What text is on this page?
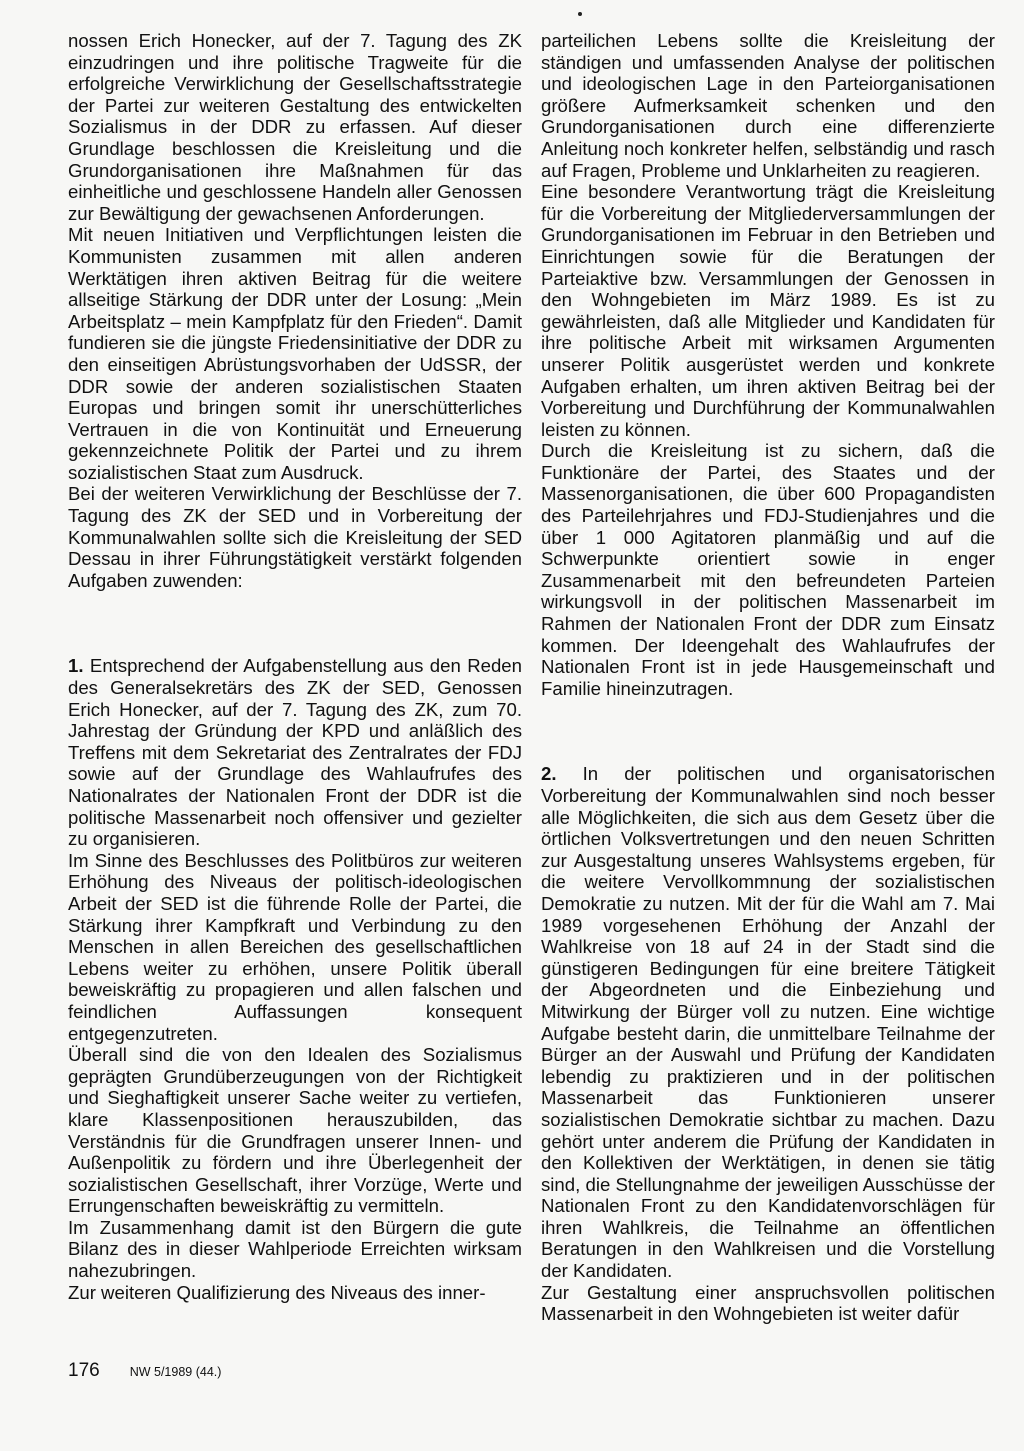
nossen Erich Honecker, auf der 7. Tagung des ZK einzudringen und ihre politische Tragweite für die erfolgreiche Verwirklichung der Gesellschaftsstrategie der Partei zur weiteren Gestaltung des entwickelten Sozialismus in der DDR zu erfassen. Auf dieser Grundlage beschlossen die Kreisleitung und die Grundorganisationen ihre Maßnahmen für das einheitliche und geschlossene Handeln aller Genossen zur Bewältigung der gewachsenen Anforderungen.

Mit neuen Initiativen und Verpflichtungen leisten die Kommunisten zusammen mit allen anderen Werktätigen ihren aktiven Beitrag für die weitere allseitige Stärkung der DDR unter der Losung: „Mein Arbeitsplatz – mein Kampfplatz für den Frieden“. Damit fundieren sie die jüngste Friedensinitiative der DDR zu den einseitigen Abrüstungsvorhaben der UdSSR, der DDR sowie der anderen sozialistischen Staaten Europas und bringen somit ihr unerschütterliches Vertrauen in die von Kontinuität und Erneuerung gekennzeichnete Politik der Partei und zu ihrem sozialistischen Staat zum Ausdruck.

Bei der weiteren Verwirklichung der Beschlüsse der 7. Tagung des ZK der SED und in Vorbereitung der Kommunalwahlen sollte sich die Kreisleitung der SED Dessau in ihrer Führungstätigkeit verstärkt folgenden Aufgaben zuwenden:

1. Entsprechend der Aufgabenstellung aus den Reden des Generalsekretärs des ZK der SED, Genossen Erich Honecker, auf der 7. Tagung des ZK, zum 70. Jahrestag der Gründung der KPD und anläßlich des Treffens mit dem Sekretariat des Zentralrates der FDJ sowie auf der Grundlage des Wahlaufrufes des Nationalrates der Nationalen Front der DDR ist die politische Massenarbeit noch offensiver und gezielter zu organisieren.

Im Sinne des Beschlusses des Politbüros zur weiteren Erhöhung des Niveaus der politisch-ideologischen Arbeit der SED ist die führende Rolle der Partei, die Stärkung ihrer Kampfkraft und Verbindung zu den Menschen in allen Bereichen des gesellschaftlichen Lebens weiter zu erhöhen, unsere Politik überall beweiskräftig zu propagieren und allen falschen und feindlichen Auffassungen konsequent entgegenzutreten.

Überall sind die von den Idealen des Sozialismus geprägten Grundüberzeugungen von der Richtigkeit und Sieghaftigkeit unserer Sache weiter zu vertiefen, klare Klassenpositionen herauszubilden, das Verständnis für die Grundfragen unserer Innen- und Außenpolitik zu fördern und ihre Überlegenheit der sozialistischen Gesellschaft, ihrer Vorzüge, Werte und Errungenschaften beweiskräftig zu vermitteln.

Im Zusammenhang damit ist den Bürgern die gute Bilanz des in dieser Wahlperiode Erreichten wirksam nahezubringen.

Zur weiteren Qualifizierung des Niveaus des inner-

parteilichen Lebens sollte die Kreisleitung der ständigen und umfassenden Analyse der politischen und ideologischen Lage in den Parteiorganisationen größere Aufmerksamkeit schenken und den Grundorganisationen durch eine differenzierte Anleitung noch konkreter helfen, selbständig und rasch auf Fragen, Probleme und Unklarheiten zu reagieren.

Eine besondere Verantwortung trägt die Kreisleitung für die Vorbereitung der Mitgliederversammlungen der Grundorganisationen im Februar in den Betrieben und Einrichtungen sowie für die Beratungen der Parteiaktive bzw. Versammlungen der Genossen in den Wohngebieten im März 1989. Es ist zu gewährleisten, daß alle Mitglieder und Kandidaten für ihre politische Arbeit mit wirksamen Argumenten unserer Politik ausgerüstet werden und konkrete Aufgaben erhalten, um ihren aktiven Beitrag bei der Vorbereitung und Durchführung der Kommunalwahlen leisten zu können.

Durch die Kreisleitung ist zu sichern, daß die Funktionäre der Partei, des Staates und der Massenorganisationen, die über 600 Propagandisten des Parteilehrjahres und FDJ-Studienjahres und die über 1 000 Agitatoren planmäßig und auf die Schwerpunkte orientiert sowie in enger Zusammenarbeit mit den befreundeten Parteien wirkungsvoll in der politischen Massenarbeit im Rahmen der Nationalen Front der DDR zum Einsatz kommen. Der Ideengehalt des Wahlaufrufes der Nationalen Front ist in jede Hausgemeinschaft und Familie hineinzutragen.

2. In der politischen und organisatorischen Vorbereitung der Kommunalwahlen sind noch besser alle Möglichkeiten, die sich aus dem Gesetz über die örtlichen Volksvertretungen und den neuen Schritten zur Ausgestaltung unseres Wahlsystems ergeben, für die weitere Vervollkommnung der sozialistischen Demokratie zu nutzen. Mit der für die Wahl am 7. Mai 1989 vorgesehenen Erhöhung der Anzahl der Wahlkreise von 18 auf 24 in der Stadt sind die günstigeren Bedingungen für eine breitere Tätigkeit der Abgeordneten und die Einbeziehung und Mitwirkung der Bürger voll zu nutzen. Eine wichtige Aufgabe besteht darin, die unmittelbare Teilnahme der Bürger an der Auswahl und Prüfung der Kandidaten lebendig zu praktizieren und in der politischen Massenarbeit das Funktionieren unserer sozialistischen Demokratie sichtbar zu machen. Dazu gehört unter anderem die Prüfung der Kandidaten in den Kollektiven der Werktätigen, in denen sie tätig sind, die Stellungnahme der jeweiligen Ausschüsse der Nationalen Front zu den Kandidatenvorschlägen für ihren Wahlkreis, die Teilnahme an öffentlichen Beratungen in den Wahlkreisen und die Vorstellung der Kandidaten.

Zur Gestaltung einer anspruchsvollen politischen Massenarbeit in den Wohngebieten ist weiter dafür

176 NW 5/1989 (44.)
